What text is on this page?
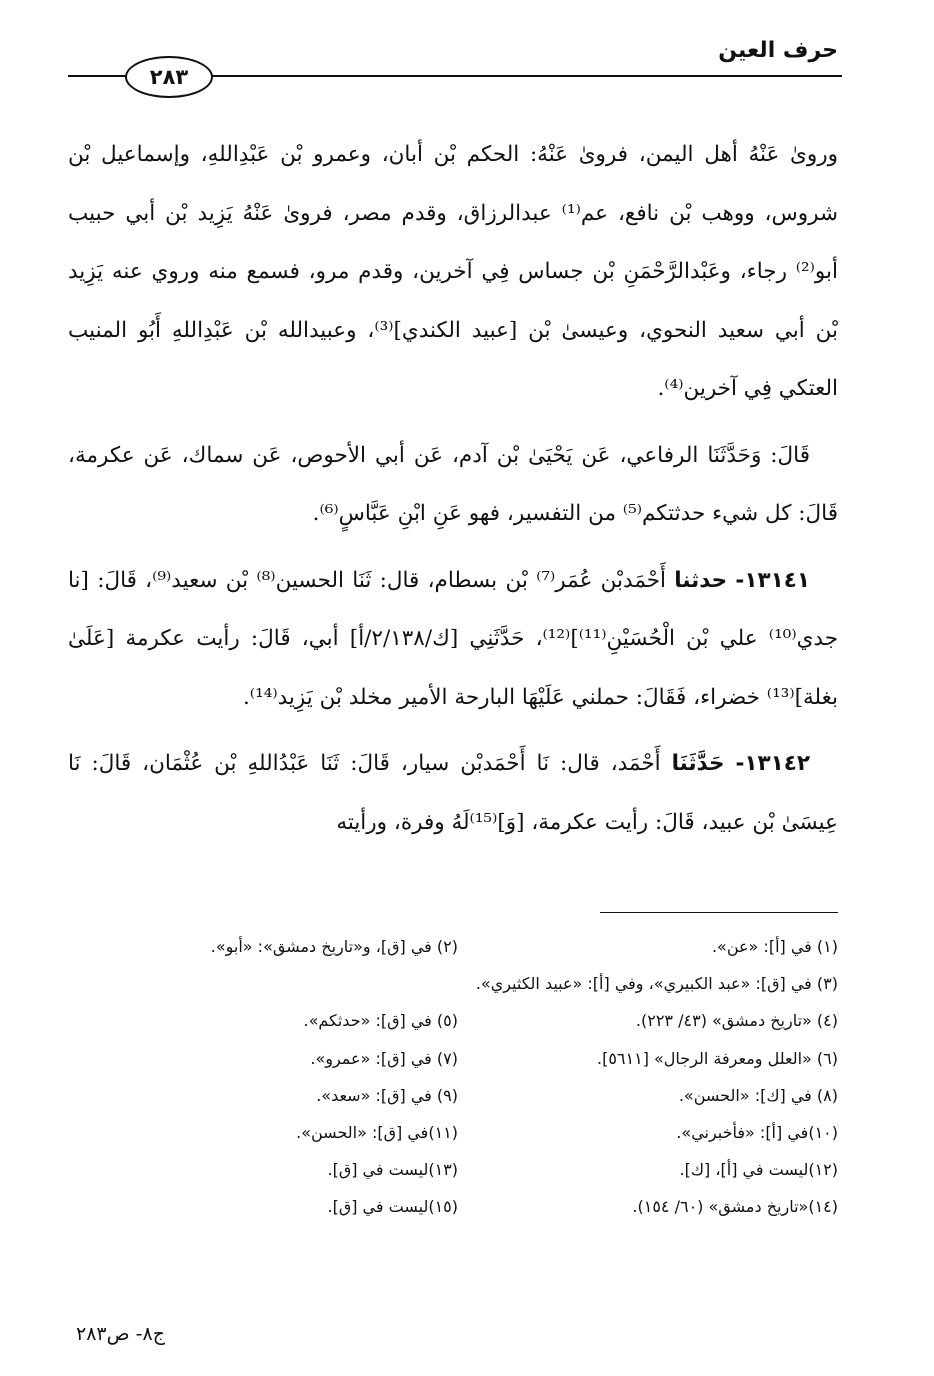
حرف العين
٢٨٣

وروىٰ عَنْهُ أهل اليمن، فروىٰ عَنْهُ: الحكم بْن أبان، وعمرو بْن عَبْدِاللهِ، وإسماعيل بْن شروس، ووهب بْن نافع، عم⁽¹⁾ عبدالرزاق، وقدم مصر، فروىٰ عَنْهُ يَزِيد بْن أبي حبيب أبو⁽²⁾ رجاء، وعَبْدالرَّحْمَنِ بْن جساس فِي آخرين، وقدم مرو، فسمع منه وروي عنه يَزِيد بْن أبي سعيد النحوي، وعيسىٰ بْن [عبيد الكندي]⁽³⁾، وعبيدالله بْن عَبْدِاللهِ أَبُو المنيب العتكي فِي آخرين⁽⁴⁾.

قَالَ: وَحَدَّثَنَا الرفاعي، عَن يَحْيَىٰ بْن آدم، عَن أبي الأحوص، عَن سماك، عَن عكرمة، قَالَ: كل شيء حدثتكم⁽⁵⁾ من التفسير، فهو عَنِ ابْنِ عَبَّاسٍ⁽⁶⁾.

١٣١٤١- حدثنا أَحْمَدبْن عُمَر⁽⁷⁾ بْن بسطام، قال: ثَنَا الحسين⁽⁸⁾ بْن سعيد⁽⁹⁾، قَالَ: [نا جدي⁽¹⁰⁾ علي بْن الْحُسَيْنِ⁽¹¹⁾]⁽¹²⁾، حَدَّثَنِي [ك/٢/١٣٨/أ] أبي، قَالَ: رأيت عكرمة [عَلَىٰ بغلة]⁽¹³⁾ خضراء، فَقَالَ: حملني عَلَيْهَا البارحة الأمير مخلد بْن يَزِيد⁽¹⁴⁾.

١٣١٤٢- حَدَّثَنَا أَحْمَد، قال: نَا أَحْمَدبْن سيار، قَالَ: ثَنَا عَبْدُاللهِ بْن عُثْمَان، قَالَ: نَا عِيسَىٰ بْن عبيد، قَالَ: رأيت عكرمة، [وَ]⁽¹⁵⁾لَهُ وفرة، ورأيته

(١) في [أ]: «عن».
(٢) في [ق]، و«تاريخ دمشق»: «أبو».
(٣) في [ق]: «عبد الكبيري»، وفي [أ]: «عبيد الكثيري».
(٤) «تاريخ دمشق» (٤٣/ ٢٢٣).
(٥) في [ق]: «حدثكم».
(٦) «العلل ومعرفة الرجال» [٥٦١١].
(٧) في [ق]: «عمرو».
(٨) في [ك]: «الحسن».
(٩) في [ق]: «سعد».
(١٠)في [أ]: «فأخبرني».
(١١)في [ق]: «الحسن».
(١٢)ليست في [أ]، [ك].
(١٣)ليست في [ق].
(١٤)«تاريخ دمشق» (٦٠/ ١٥٤).
(١٥)ليست في [ق].
ج٨- ص٢٨٣
